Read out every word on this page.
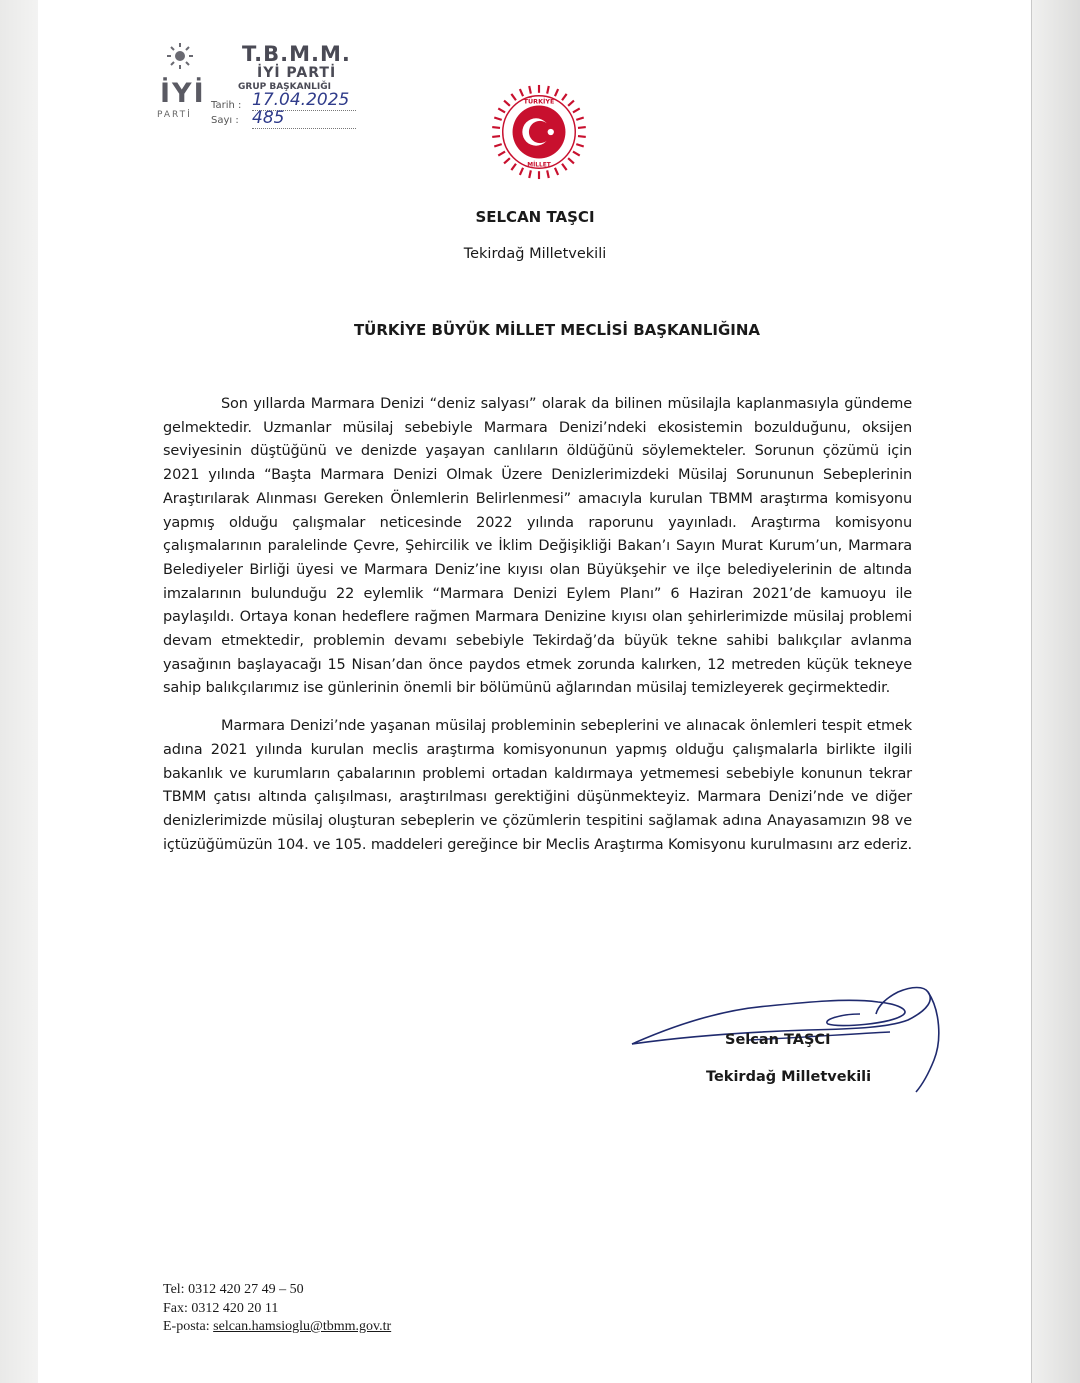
İYİ
PARTİ
T.B.M.M.
İYİ PARTİ
GRUP BAŞKANLIĞI
Tarih : 17.04.2025
Sayı : 485
TÜRKİYE
MİLLET
SELCAN TAŞCI
Tekirdağ Milletvekili
TÜRKİYE BÜYÜK MİLLET MECLİSİ BAŞKANLIĞINA

Son yıllarda Marmara Denizi “deniz salyası” olarak da bilinen müsilajla kaplanmasıyla gündeme gelmektedir. Uzmanlar müsilaj sebebiyle Marmara Denizi’ndeki ekosistemin bozulduğunu, oksijen seviyesinin düştüğünü ve denizde yaşayan canlıların öldüğünü söylemekteler. Sorunun çözümü için 2021 yılında “Başta Marmara Denizi Olmak Üzere Denizlerimizdeki Müsilaj Sorununun Sebeplerinin Araştırılarak Alınması Gereken Önlemlerin Belirlenmesi” amacıyla kurulan TBMM araştırma komisyonu yapmış olduğu çalışmalar neticesinde 2022 yılında raporunu yayınladı. Araştırma komisyonu çalışmalarının paralelinde Çevre, Şehircilik ve İklim Değişikliği Bakan’ı Sayın Murat Kurum’un, Marmara Belediyeler Birliği üyesi ve Marmara Deniz’ine kıyısı olan Büyükşehir ve ilçe belediyelerinin de altında imzalarının bulunduğu 22 eylemlik “Marmara Denizi Eylem Planı” 6 Haziran 2021’de kamuoyu ile paylaşıldı. Ortaya konan hedeflere rağmen Marmara Denizine kıyısı olan şehirlerimizde müsilaj problemi devam etmektedir, problemin devamı sebebiyle Tekirdağ’da büyük tekne sahibi balıkçılar avlanma yasağının başlayacağı 15 Nisan’dan önce paydos etmek zorunda kalırken, 12 metreden küçük tekneye sahip balıkçılarımız ise günlerinin önemli bir bölümünü ağlarından müsilaj temizleyerek geçirmektedir.

Marmara Denizi’nde yaşanan müsilaj probleminin sebeplerini ve alınacak önlemleri tespit etmek adına 2021 yılında kurulan meclis araştırma komisyonunun yapmış olduğu çalışmalarla birlikte ilgili bakanlık ve kurumların çabalarının problemi ortadan kaldırmaya yetmemesi sebebiyle konunun tekrar TBMM çatısı altında çalışılması, araştırılması gerektiğini düşünmekteyiz. Marmara Denizi’nde ve diğer denizlerimizde müsilaj oluşturan sebeplerin ve çözümlerin tespitini sağlamak adına Anayasamızın 98 ve içtüzüğümüzün 104. ve 105. maddeleri gereğince bir Meclis Araştırma Komisyonu kurulmasını arz ederiz.

Selcan TAŞCI
Tekirdağ Milletvekili
Tel: 0312 420 27 49 – 50
Fax: 0312 420 20 11
E-posta: selcan.hamsioglu@tbmm.gov.tr
